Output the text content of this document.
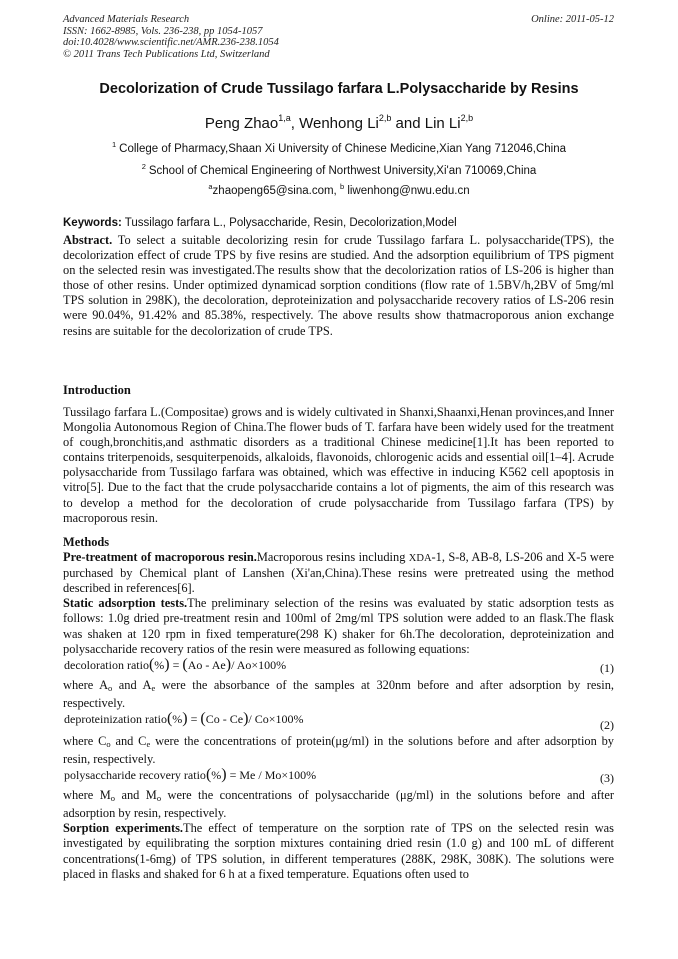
Advanced Materials Research
ISSN: 1662-8985, Vols. 236-238, pp 1054-1057
doi:10.4028/www.scientific.net/AMR.236-238.1054
© 2011 Trans Tech Publications Ltd, Switzerland
Online: 2011-05-12
Decolorization of Crude Tussilago farfara L.Polysaccharide by Resins
Peng Zhao$^{1,a}$, Wenhong Li$^{2,b}$ and Lin Li$^{2,b}$
$^1$ College of Pharmacy,Shaan Xi University of Chinese Medicine,Xian Yang 712046,China
$^2$ School of Chemical Engineering of Northwest University,Xi'an 710069,China
$^a$zhaopeng65@sina.com, $^b$ liwenhong@nwu.edu.cn
Keywords: Tussilago farfara L., Polysaccharide, Resin, Decolorization,Model
Abstract. To select a suitable decolorizing resin for crude Tussilago farfara L. polysaccharide(TPS), the decolorization effect of crude TPS by five resins are studied. And the adsorption equilibrium of TPS pigment on the selected resin was investigated.The results show that the decolorization ratios of LS-206 is higher than those of other resins. Under optimized dynamicad sorption conditions (flow rate of 1.5BV/h,2BV of 5mg/ml TPS solution in 298K), the decoloration, deproteinization and polysaccharide recovery ratios of LS-206 resin were 90.04%, 91.42% and 85.38%, respectively. The above results show thatmacroporous anion exchange resins are suitable for the decolorization of crude TPS.
Introduction
Tussilago farfara L.(Compositae) grows and is widely cultivated in Shanxi,Shaanxi,Henan provinces,and Inner Mongolia Autonomous Region of China.The flower buds of T. farfara have been widely used for the treatment of cough,bronchitis,and asthmatic disorders as a traditional Chinese medicine[1].It has been reported to contains triterpenoids, sesquiterpenoids, alkaloids, flavonoids, chlorogenic acids and essential oil[1–4]. Acrude polysaccharide from Tussilago farfara was obtained, which was effective in inducing K562 cell apoptosis in vitro[5]. Due to the fact that the crude polysaccharide contains a lot of pigments, the aim of this research was to develop a method for the decoloration of crude polysaccharide from Tussilago farfara (TPS) by macroporous resin.

Methods

Pre-treatment of macroporous resin.Macroporous resins including XDA-1, S-8, AB-8, LS-206 and X-5 were purchased by Chemical plant of Lanshen (Xi'an,China).These resins were pretreated using the method described in references[6].

Static adsorption tests.The preliminary selection of the resins was evaluated by static adsorption tests as follows: 1.0g dried pre-treatment resin and 100ml of 2mg/ml TPS solution were added to an flask.The flask was shaken at 120 rpm in fixed temperature(298 K) shaker for 6h.The decoloration, deproteinization and polysaccharide recovery ratios of the resin were measured as following equations:

decoloration ratio(%) = (Ao - Ae)/ Ao×100%	(1)

where $A_o$ and $A_e$ were the absorbance of the samples at 320nm before and after adsorption by resin, respectively.

deproteinization ratio(%) = (Co - Ce)/ Co×100%	(2)

where $C_o$ and $C_e$ were the concentrations of protein(μg/ml) in the solutions before and after adsorption by resin, respectively.

polysaccharide recovery ratio(%) = Me / Mo×100%	(3)

where $M_o$ and $M_o$ were the concentrations of polysaccharide (μg/ml) in the solutions before and after adsorption by resin, respectively.

Sorption experiments.The effect of temperature on the sorption rate of TPS on the selected resin was investigated by equilibrating the sorption mixtures containing dried resin (1.0 g) and 100 mL of different concentrations(1-6mg) of TPS solution, in different temperatures (288K, 298K, 308K). The solutions were placed in flasks and shaked for 6 h at a fixed temperature. Equations often used to
